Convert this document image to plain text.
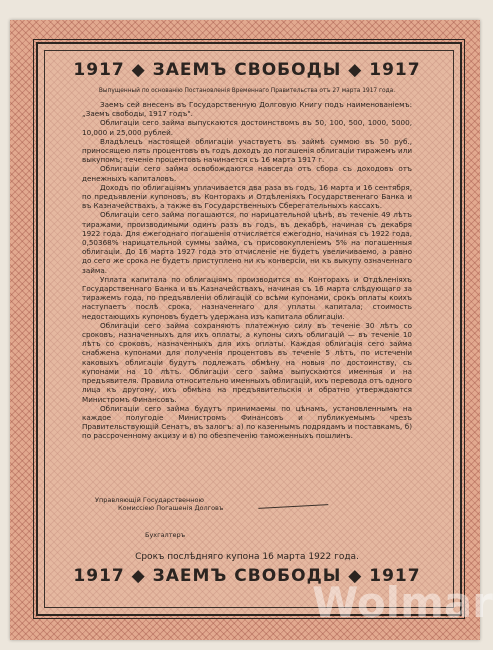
1917 ◆ ЗАЕМЪ СВОБОДЫ ◆ 1917
Выпущенный по основанію Постановленія Временнаго Правительства отъ 27 марта 1917 года.

Заемъ сей внесенъ въ Государственную Долговую Книгу подъ наименованіемъ: „Заемъ свободы, 1917 годъ".

Облигаціи сего займа выпускаются достоинствомъ въ 50, 100, 500, 1000, 5000, 10,000 и 25,000 рублей.

Владѣлецъ настоящей облигаціи участвуетъ въ займѣ суммою въ 50 руб., приносящею пять процентовъ въ годъ доходъ до погашенія облигаціи тиражемъ или выкупомъ; теченіе процентовъ начинается съ 16 марта 1917 г.

Облигаціи сего займа освобождаются навсегда отъ сбора съ доходовъ отъ денежныхъ капиталовъ.

Доходъ по облигаціямъ уплачивается два раза въ годъ, 16 марта и 16 сентября, по предъявленіи купоновъ, въ Конторахъ и Отдѣленіяхъ Государственнаго Банка и въ Казначействахъ, а также въ Государственныхъ Сберегательныхъ кассахъ.

Облигаціи сего займа погашаются, по нарицательной цѣнѣ, въ теченіе 49 лѣтъ тиражами, производимыми одинъ разъ въ годъ, въ декабрѣ, начиная съ декабря 1922 года. Для ежегоднаго погашенія отчисляется ежегодно, начиная съ 1922 года, 0,50368% нарицательной суммы займа, съ присовокупленіемъ 5% на погашенныя облигаціи. До 16 марта 1927 года это отчисленіе не будетъ увеличиваемо, а равно до сего же срока не будетъ приступлено ни къ конверсіи, ни къ выкупу означеннаго займа.

Уплата капитала по облигаціямъ производится въ Конторахъ и Отдѣленіяхъ Государственнаго Банка и въ Казначействахъ, начиная съ 16 марта слѣдующаго за тиражемъ года, по предъявленіи облигацій со всѣми купонами, срокъ оплаты коихъ наступаетъ послѣ срока, назначеннаго для уплаты капитала; стоимость недостающихъ купоновъ будетъ удержана изъ капитала облигаціи.

Облигаціи сего займа сохраняютъ платежную силу въ теченіе 30 лѣтъ со сроковъ, назначенныхъ для ихъ оплаты, а купоны сихъ облигацій — въ теченіе 10 лѣтъ со сроковъ, назначенныхъ для ихъ оплаты. Каждая облигація сего займа снабжена купонами для полученія процентовъ въ теченіе 5 лѣтъ, по истеченіи каковыхъ облигаціи будутъ подлежать обмѣну на новыя по достоинству, съ купонами на 10 лѣтъ. Облигаціи сего займа выпускаются именныя и на предъявителя. Правила относительно именныхъ облигацій, ихъ перевода отъ одного лица къ другому, ихъ обмѣна на предъявительскія и обратно утверждаются Министромъ Финансовъ.

Облигаціи сего займа будутъ принимаемы по цѣнамъ, установленнымъ на каждое полугодіе Министромъ Финансовъ и публикуемымъ чрезъ Правительствующій Сенатъ, въ залогъ: а) по казеннымъ подрядамъ и поставкамъ, б) по рассроченному акцизу и в) по обезпеченію таможенныхъ пошлинъ.

Управляющій Государственною
Комиссіею Погашенія Долговъ
Бухгалтеръ
Срокъ послѣдняго купона 16 марта 1922 года.
1917 ◆ ЗАЕМЪ СВОБОДЫ ◆ 1917
Wolmar
